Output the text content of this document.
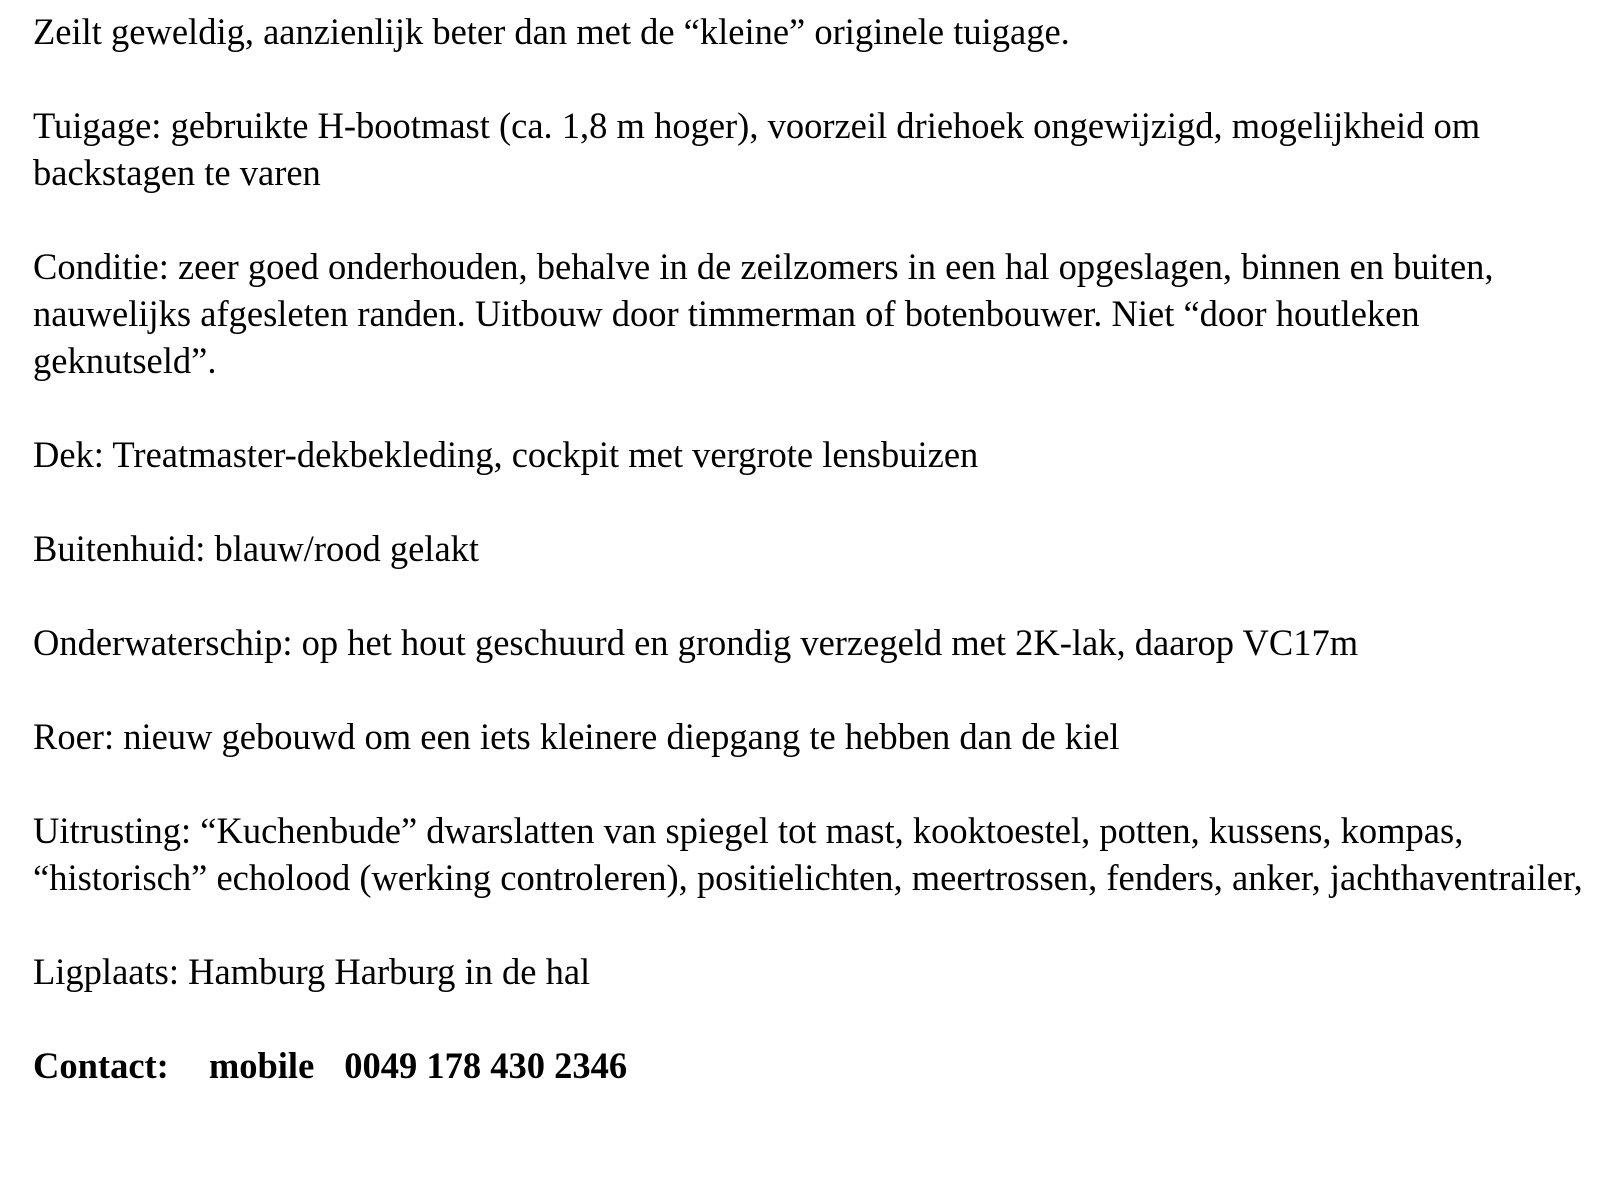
Zeilt geweldig, aanzienlijk beter dan met de “kleine” originele tuigage.

Tuigage: gebruikte H-bootmast (ca. 1,8 m hoger), voorzeil driehoek ongewijzigd, mogelijkheid om backstagen te varen

Conditie: zeer goed onderhouden, behalve in de zeilzomers in een hal opgeslagen, binnen en buiten, nauwelijks afgesleten randen. Uitbouw door timmerman of botenbouwer. Niet “door houtleken geknutseld”.

Dek: Treatmaster-dekbekleding, cockpit met vergrote lensbuizen

Buitenhuid: blauw/rood gelakt

Onderwaterschip: op het hout geschuurd en grondig verzegeld met 2K-lak, daarop VC17m

Roer: nieuw gebouwd om een iets kleinere diepgang te hebben dan de kiel

Uitrusting: “Kuchenbude” dwarslatten van spiegel tot mast, kooktoestel, potten, kussens, kompas, “historisch” echolood (werking controleren), positielichten, meertrossen, fenders, anker, jachthaventrailer,

Ligplaats: Hamburg Harburg in de hal

Contact: mobile 0049 178 430 2346
